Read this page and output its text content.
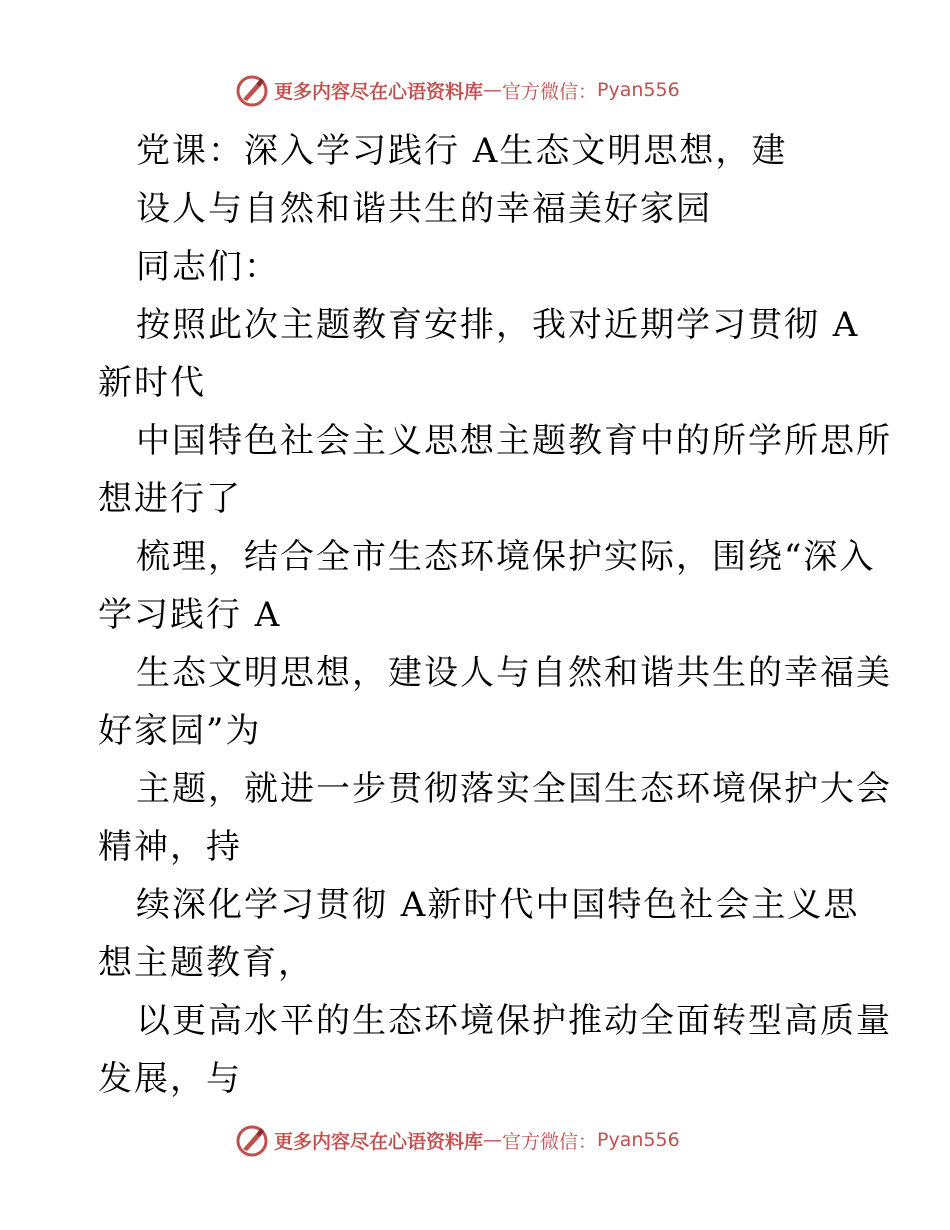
更多内容尽在心语资料库 — 官方微信： Pyan556
党课：深入学习践行 A生态文明思想，建
设人与自然和谐共生的幸福美好家园
同志们：
按照此次主题教育安排，我对近期学习贯彻 A
新时代
中国特色社会主义思想主题教育中的所学所思所
想进行了
梳理，结合全市生态环境保护实际，围绕“深入
学习践行 A
生态文明思想，建设人与自然和谐共生的幸福美
好家园”为
主题，就进一步贯彻落实全国生态环境保护大会
精神，持
续深化学习贯彻 A新时代中国特色社会主义思
想主题教育，
以更高水平的生态环境保护推动全面转型高质量
发展，与
更多内容尽在心语资料库 — 官方微信： Pyan556
